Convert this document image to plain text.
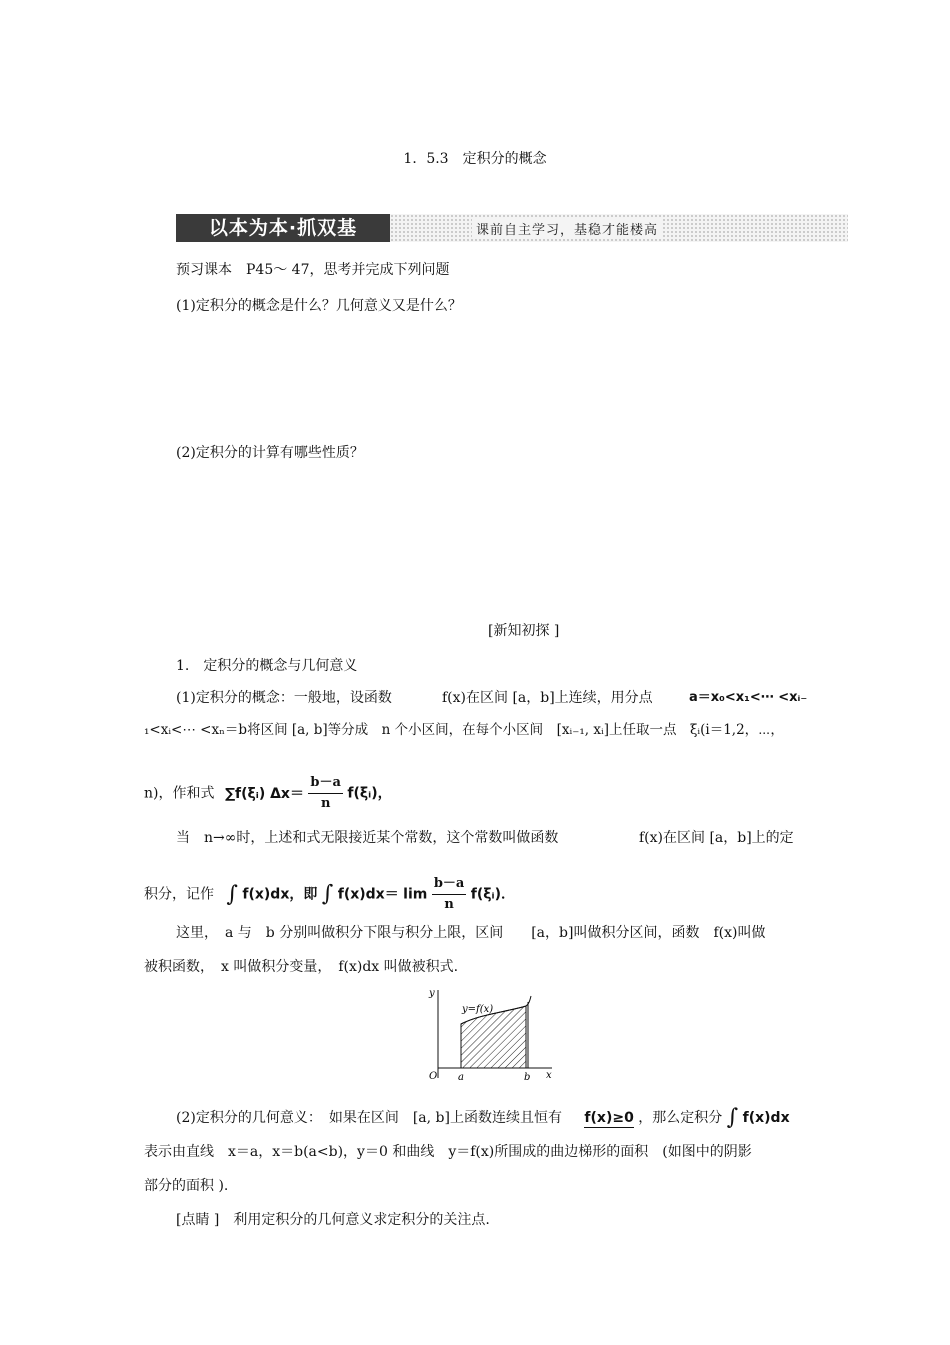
1．5.3　定积分的概念
以本为本·抓双基	课前自主学习，基稳才能楼高
预习课本　P45～ 47，思考并完成下列问题
(1)定积分的概念是什么？几何意义又是什么？
(2)定积分的计算有哪些性质？
[新知初探 ]
1.　定积分的概念与几何意义
(1)定积分的概念：一般地，设函数	f(x)在区间 [a，b]上连续，用分点	a＝x₀<x₁<⋯ <xᵢ₋
₁<xᵢ<⋯ <xₙ＝b将区间 [a, b]等分成　n 个小区间，在每个小区间　[xᵢ₋₁, xᵢ]上任取一点　ξᵢ(i＝1,2，⋯，
n)，作和式 ∑f(ξᵢ) $\Delta x= \frac{b-a}{n}$ f(ξᵢ)，
当　n→∞时，上述和式无限接近某个常数，这个常数叫做函数	f(x)在区间 [a，b]上的定
积分，记作 ∫ f(x)dx，即 ∫ $f(x)dx= \lim \frac{b-a}{n}$ f(ξᵢ)．
这里，　a 与　b 分别叫做积分下限与积分上限，区间　　[a，b]叫做积分区间，函数　f(x)叫做
被积函数，　x 叫做积分变量，　f(x)dx 叫做被积式.
y=f(x)
O a	b x
y
(2)定积分的几何意义：　如果在区间　[a, b]上函数连续且恒有 f(x)≥0 ，那么定积分 ∫ f(x)dx
表示由直线　x＝a，x＝b(a<b)，y＝0 和曲线　y＝f(x)所围成的曲边梯形的面积　(如图中的阴影
部分的面积 ).
[点睛 ]　利用定积分的几何意义求定积分的关注点.
